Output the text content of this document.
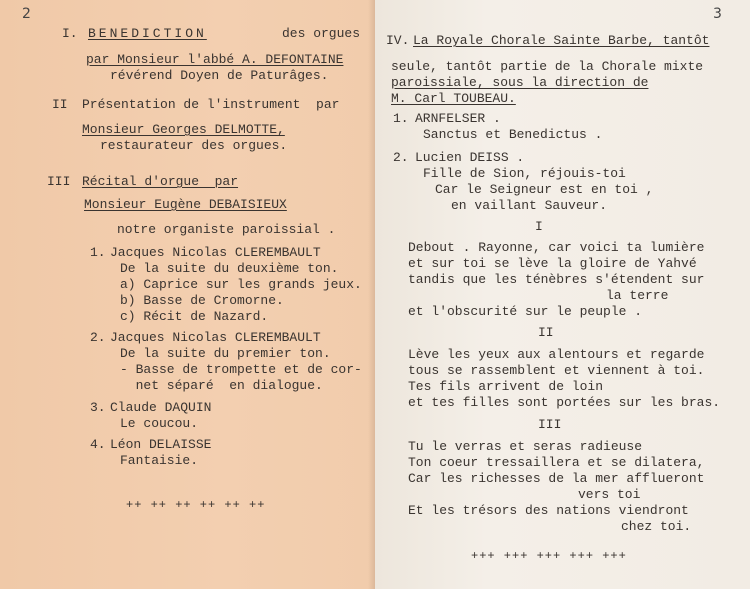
2
I. BENEDICTION	des orgues
par Monsieur l'abbé A. DEFONTAINE
révérend Doyen de Paturâges.
II Présentation de l'instrument  par
Monsieur Georges DELMOTTE,
restaurateur des orgues.
III Récital d'orgue  par
Monsieur Eugène DEBAISIEUX
notre organiste paroissial .
1. Jacques Nicolas CLEREMBAULT
De la suite du deuxième ton.
a) Caprice sur les grands jeux.
b) Basse de Cromorne.
c) Récit de Nazard.
2. Jacques Nicolas CLEREMBAULT
De la suite du premier ton.
- Basse de trompette et de cor-
net séparé  en dialogue.
3. Claude DAQUIN
Le coucou.
4. Léon DELAISSE
Fantaisie.
++ ++ ++ ++ ++ ++
3
IV. La Royale Chorale Sainte Barbe, tantôt
seule, tantôt partie de la Chorale mixte
paroissiale, sous la direction de
M. Carl TOUBEAU.
1. ARNFELSER .
Sanctus et Benedictus .
2. Lucien DEISS .
Fille de Sion, réjouis-toi
Car le Seigneur est en toi ,
en vaillant Sauveur.
I
Debout . Rayonne, car voici ta lumière
et sur toi se lève la gloire de Yahvé
tandis que les ténèbres s'étendent sur
la terre
et l'obscurité sur le peuple .
II
Lève les yeux aux alentours et regarde
tous se rassemblent et viennent à toi.
Tes fils arrivent de loin
et tes filles sont portées sur les bras.
III
Tu le verras et seras radieuse
Ton coeur tressaillera et se dilatera,
Car les richesses de la mer afflueront
vers toi
Et les trésors des nations viendront
chez toi.
+++ +++ +++ +++ +++
